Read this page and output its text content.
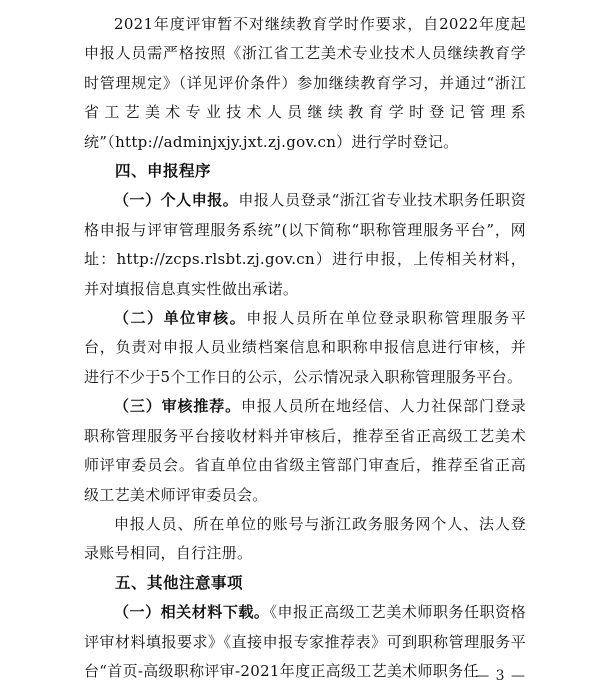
2021年度评审暂不对继续教育学时作要求，自2022年度起申报人员需严格按照《浙江省工艺美术专业技术人员继续教育学时管理规定》（详见评价条件）参加继续教育学习，并通过“浙江省工艺美术专业技术人员继续教育学时登记管理系统”（http://adminjxjy.jxt.zj.gov.cn）进行学时登记。

四、申报程序

（一）个人申报。申报人员登录“浙江省专业技术职务任职资格申报与评审管理服务系统”(以下简称“职称管理服务平台”，网址：http://zcps.rlsbt.zj.gov.cn）进行申报，上传相关材料，并对填报信息真实性做出承诺。

（二）单位审核。申报人员所在单位登录职称管理服务平台，负责对申报人员业绩档案信息和职称申报信息进行审核，并进行不少于5个工作日的公示，公示情况录入职称管理服务平台。

（三）审核推荐。申报人员所在地经信、人力社保部门登录职称管理服务平台接收材料并审核后，推荐至省正高级工艺美术师评审委员会。省直单位由省级主管部门审查后，推荐至省正高级工艺美术师评审委员会。

申报人员、所在单位的账号与浙江政务服务网个人、法人登录账号相同，自行注册。

五、其他注意事项

（一）相关材料下载。《申报正高级工艺美术师职务任职资格评审材料填报要求》《直接申报专家推荐表》可到职称管理服务平台“首页-高级职称评审-2021年度正高级工艺美术师职务任

— 3 —
